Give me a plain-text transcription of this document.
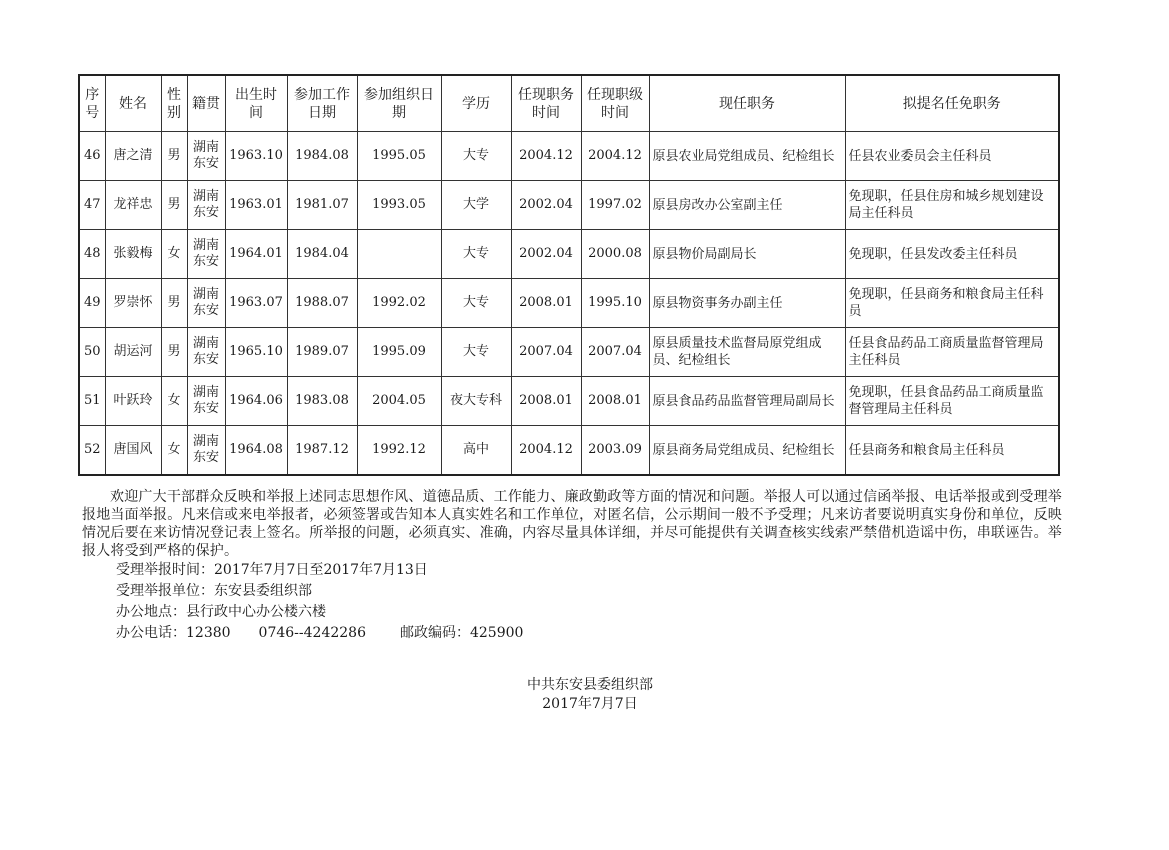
序号	姓名	性别	籍贯	出生时间	参加工作日期	参加组织日期	学历	任现职务时间	任现职级时间	现任职务	拟提名任免职务
46	唐之清	男	湖南东安	1963.10	1984.08	1995.05	大专	2004.12	2004.12	原县农业局党组成员、纪检组长	任县农业委员会主任科员
47	龙祥忠	男	湖南东安	1963.01	1981.07	1993.05	大学	2002.04	1997.02	原县房改办公室副主任	免现职，任县住房和城乡规划建设局主任科员
48	张毅梅	女	湖南东安	1964.01	1984.04		大专	2002.04	2000.08	原县物价局副局长	免现职，任县发改委主任科员
49	罗崇怀	男	湖南东安	1963.07	1988.07	1992.02	大专	2008.01	1995.10	原县物资事务办副主任	免现职，任县商务和粮食局主任科员
50	胡运河	男	湖南东安	1965.10	1989.07	1995.09	大专	2007.04	2007.04	原县质量技术监督局原党组成员、纪检组长	任县食品药品工商质量监督管理局主任科员
51	叶跃玲	女	湖南东安	1964.06	1983.08	2004.05	夜大专科	2008.01	2008.01	原县食品药品监督管理局副局长	免现职，任县食品药品工商质量监督管理局主任科员
52	唐国风	女	湖南东安	1964.08	1987.12	1992.12	高中	2004.12	2003.09	原县商务局党组成员、纪检组长	任县商务和粮食局主任科员

欢迎广大干部群众反映和举报上述同志思想作风、道德品质、工作能力、廉政勤政等方面的情况和问题。举报人可以通过信函举报、电话举报或到受理举报地当面举报。凡来信或来电举报者，必须签署或告知本人真实姓名和工作单位，对匿名信，公示期间一般不予受理；凡来访者要说明真实身份和单位，反映情况后要在来访情况登记表上签名。所举报的问题，必须真实、准确，内容尽量具体详细，并尽可能提供有关调查核实线索严禁借机造谣中伤，串联诬告。举报人将受到严格的保护。

受理举报时间：2017年7月7日至2017年7月13日

受理举报单位：东安县委组织部

办公地点：县行政中心办公楼六楼

办公电话：12380　　0746--4242286 邮政编码：425900

中共东安县委组织部
2017年7月7日
